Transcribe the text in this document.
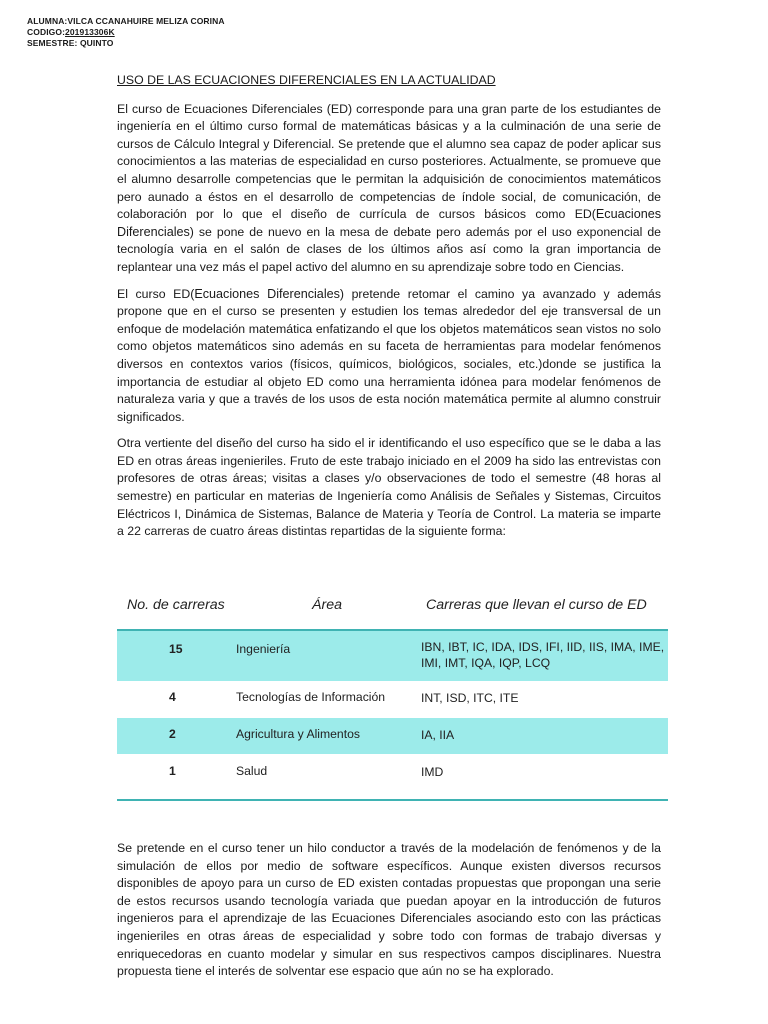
ALUMNA:VILCA CCANAHUIRE MELIZA CORINA
CODIGO:201913306K
SEMESTRE: QUINTO
USO DE LAS ECUACIONES DIFERENCIALES EN LA ACTUALIDAD

El curso de Ecuaciones Diferenciales (ED) corresponde para una gran parte de los estudiantes de ingeniería en el último curso formal de matemáticas básicas y a la culminación de una serie de cursos de Cálculo Integral y Diferencial. Se pretende que el alumno sea capaz de poder aplicar sus conocimientos a las materias de especialidad en curso posteriores. Actualmente, se promueve que el alumno desarrolle competencias que le permitan la adquisición de conocimientos matemáticos pero aunado a éstos en el desarrollo de competencias de índole social, de comunicación, de colaboración por lo que el diseño de currícula de cursos básicos como ED(Ecuaciones Diferenciales) se pone de nuevo en la mesa de debate pero además por el uso exponencial de tecnología varia en el salón de clases de los últimos años así como la gran importancia de replantear una vez más el papel activo del alumno en su aprendizaje sobre todo en Ciencias.

El curso ED(Ecuaciones Diferenciales) pretende retomar el camino ya avanzado y además propone que en el curso se presenten y estudien los temas alrededor del eje transversal de un enfoque de modelación matemática enfatizando el que los objetos matemáticos sean vistos no solo como objetos matemáticos sino además en su faceta de herramientas para modelar fenómenos diversos en contextos varios (físicos, químicos, biológicos, sociales, etc.)donde se justifica la importancia de estudiar al objeto ED como una herramienta idónea para modelar fenómenos de naturaleza varia y que a través de los usos de esta noción matemática permite al alumno construir significados.

Otra vertiente del diseño del curso ha sido el ir identificando el uso específico que se le daba a las ED en otras áreas ingenieriles. Fruto de este trabajo iniciado en el 2009 ha sido las entrevistas con profesores de otras áreas; visitas a clases y/o observaciones de todo el semestre (48 horas al semestre) en particular en materias de Ingeniería como Análisis de Señales y Sistemas, Circuitos Eléctricos I, Dinámica de Sistemas, Balance de Materia y Teoría de Control. La materia se imparte a 22 carreras de cuatro áreas distintas repartidas de la siguiente forma:

No. de carreras	Área	Carreras que llevan el curso de ED
15	Ingeniería	IBN, IBT, IC, IDA, IDS, IFI, IID, IIS, IMA, IME, IMI, IMT, IQA, IQP, LCQ
4	Tecnologías de Información	INT, ISD, ITC, ITE
2	Agricultura y Alimentos	IA, IIA
1	Salud	IMD
Se pretende en el curso tener un hilo conductor a través de la modelación de fenómenos y de la simulación de ellos por medio de software específicos. Aunque existen diversos recursos disponibles de apoyo para un curso de ED existen contadas propuestas que propongan una serie de estos recursos usando tecnología variada que puedan apoyar en la introducción de futuros ingenieros para el aprendizaje de las Ecuaciones Diferenciales asociando esto con las prácticas ingenieriles en otras áreas de especialidad y sobre todo con formas de trabajo diversas y enriquecedoras en cuanto modelar y simular en sus respectivos campos disciplinares. Nuestra propuesta tiene el interés de solventar ese espacio que aún no se ha explorado.
